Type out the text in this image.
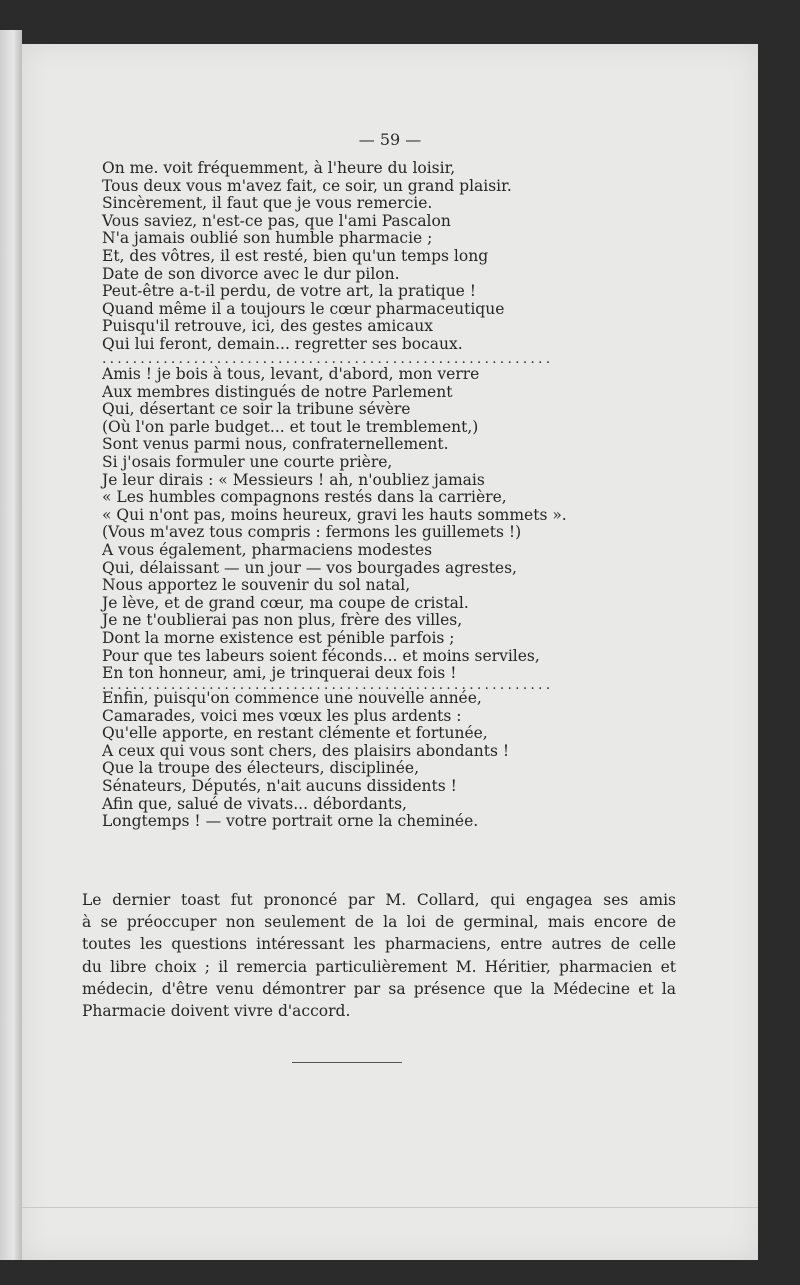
— 59 —
On me. voit fréquemment, à l'heure du loisir,
Tous deux vous m'avez fait, ce soir, un grand plaisir.
Sincèrement, il faut que je vous remercie.
Vous saviez, n'est-ce pas, que l'ami Pascalon
N'a jamais oublié son humble pharmacie ;
Et, des vôtres, il est resté, bien qu'un temps long
Date de son divorce avec le dur pilon.
Peut-être a-t-il perdu, de votre art, la pratique !
Quand même il a toujours le cœur pharmaceutique
Puisqu'il retrouve, ici, des gestes amicaux
Qui lui feront, demain... regretter ses bocaux.
...........................................................
Amis ! je bois à tous, levant, d'abord, mon verre
Aux membres distingués de notre Parlement
Qui, désertant ce soir la tribune sévère
(Où l'on parle budget... et tout le tremblement,)
Sont venus parmi nous, confraternellement.
Si j'osais formuler une courte prière,
Je leur dirais : « Messieurs ! ah, n'oubliez jamais
« Les humbles compagnons restés dans la carrière,
« Qui n'ont pas, moins heureux, gravi les hauts sommets ».
(Vous m'avez tous compris : fermons les guillemets !)
A vous également, pharmaciens modestes
Qui, délaissant — un jour — vos bourgades agrestes,
Nous apportez le souvenir du sol natal,
Je lève, et de grand cœur, ma coupe de cristal.
Je ne t'oublierai pas non plus, frère des villes,
Dont la morne existence est pénible parfois ;
Pour que tes labeurs soient féconds... et moins serviles,
En ton honneur, ami, je trinquerai deux fois !
...........................................................
Enfin, puisqu'on commence une nouvelle année,
Camarades, voici mes vœux les plus ardents :
Qu'elle apporte, en restant clémente et fortunée,
A ceux qui vous sont chers, des plaisirs abondants !
Que la troupe des électeurs, disciplinée,
Sénateurs, Députés, n'ait aucuns dissidents !
Afin que, salué de vivats... débordants,
Longtemps ! — votre portrait orne la cheminée.
Le dernier toast fut prononcé par M. Collard, qui engagea ses amis
à se préoccuper non seulement de la loi de germinal, mais encore de
toutes les questions intéressant les pharmaciens, entre autres de celle
du libre choix ; il remercia particulièrement M. Héritier, pharmacien et
médecin, d'être venu démontrer par sa présence que la Médecine et la
Pharmacie doivent vivre d'accord.
